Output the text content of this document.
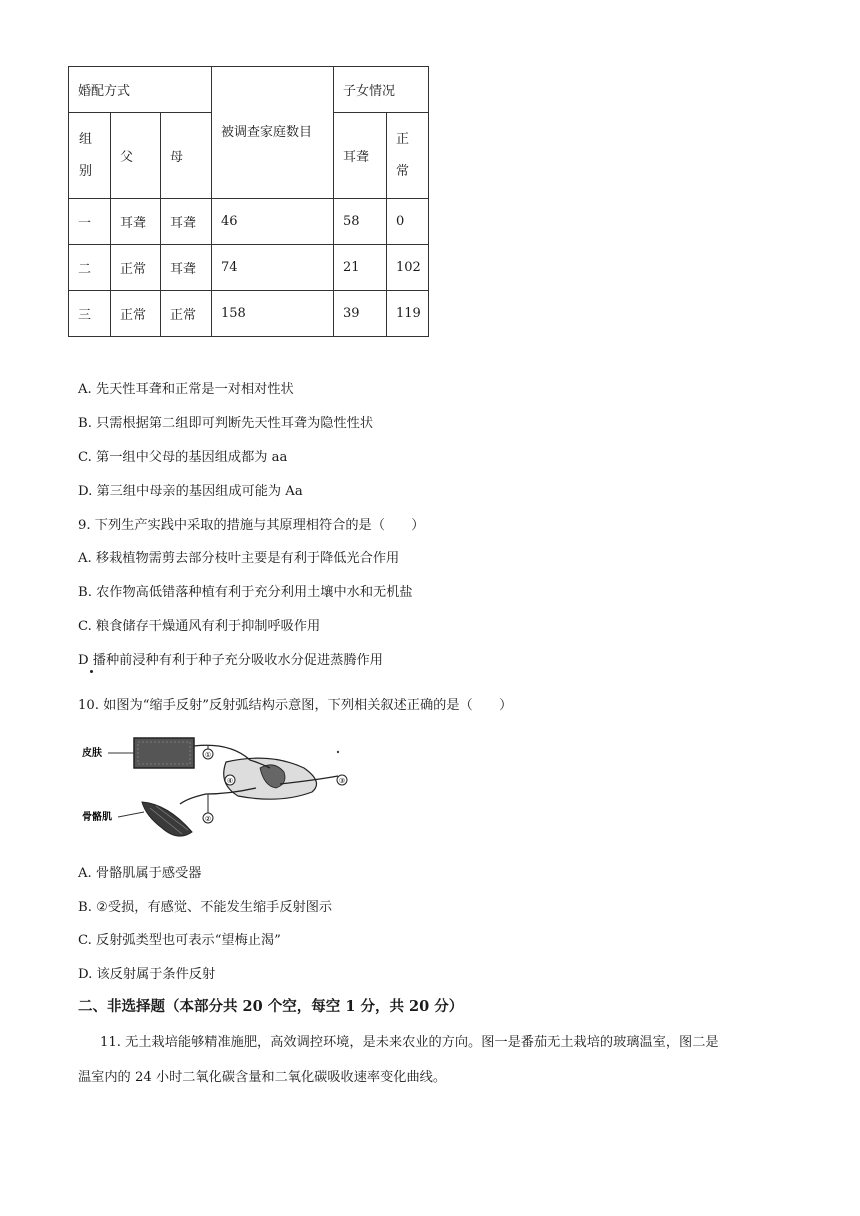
婚配方式			被调查家庭数目	子女情况	
组别	父	母		耳聋	正常
一	耳聋	耳聋	46	58	0
二	正常	耳聋	74	21	102
三	正常	正常	158	39	119
A. 先天性耳聋和正常是一对相对性状
B. 只需根据第二组即可判断先天性耳聋为隐性性状
C. 第一组中父母的基因组成都为 aa
D. 第三组中母亲的基因组成可能为 Aa
9. 下列生产实践中采取的措施与其原理相符合的是（　　）
A. 移栽植物需剪去部分枝叶主要是有利于降低光合作用
B. 农作物高低错落种植有利于充分利用土壤中水和无机盐
C. 粮食储存干燥通风有利于抑制呼吸作用
D 播种前浸种有利于种子充分吸收水分促进蒸腾作用
10. 如图为“缩手反射”反射弧结构示意图，下列相关叙述正确的是（　　）
皮肤
骨骼肌
①
③
④
②
A. 骨骼肌属于感受器
B. ②受损，有感觉、不能发生缩手反射图示
C. 反射弧类型也可表示“望梅止渴”
D. 该反射属于条件反射
二、非选择题（本部分共 20 个空，每空 1 分，共 20 分）
11. 无土栽培能够精准施肥，高效调控环境，是未来农业的方向。图一是番茄无土栽培的玻璃温室，图二是
温室内的 24 小时二氧化碳含量和二氧化碳吸收速率变化曲线。
